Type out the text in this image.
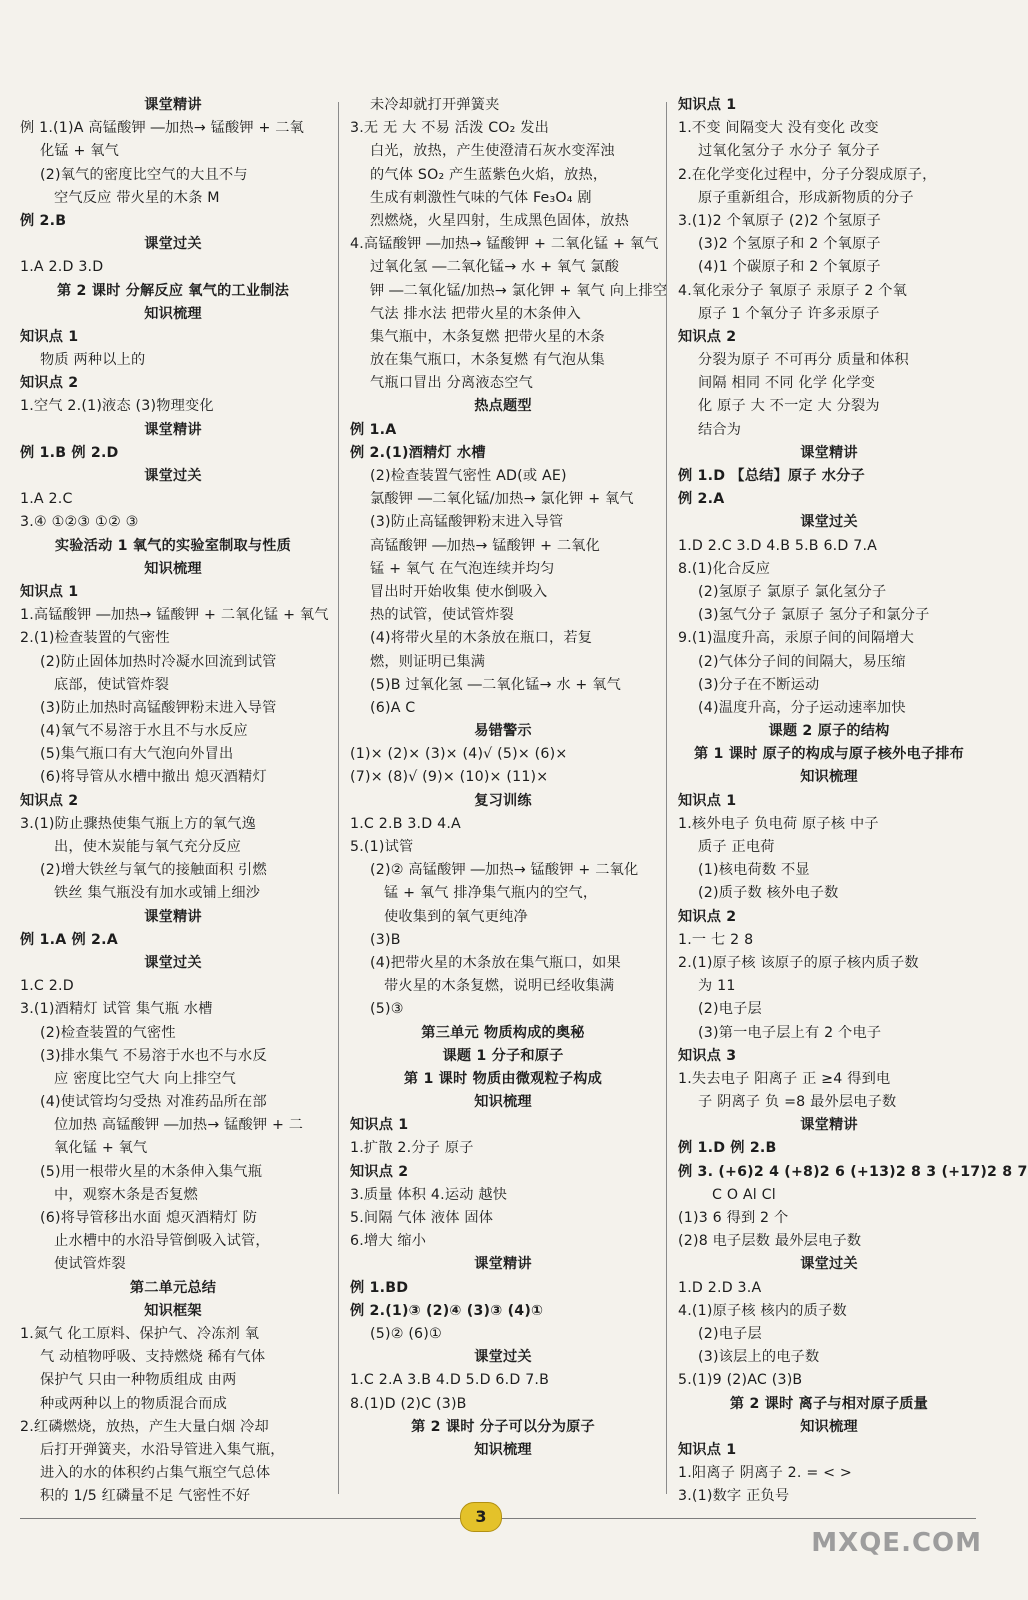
课堂精讲
例 1.(1)A 高锰酸钾 ―加热→ 锰酸钾 + 二氧
化锰 + 氧气
(2)氧气的密度比空气的大且不与
空气反应 带火星的木条 M
例 2.B
课堂过关
1.A 2.D 3.D
第 2 课时 分解反应 氧气的工业制法
知识梳理
知识点 1
物质 两种以上的
知识点 2
1.空气 2.(1)液态 (3)物理变化
课堂精讲
例 1.B 例 2.D
课堂过关
1.A 2.C
3.④ ①②③ ①② ③
实验活动 1 氧气的实验室制取与性质
知识梳理
知识点 1
1.高锰酸钾 ―加热→ 锰酸钾 + 二氧化锰 + 氧气
2.(1)检查装置的气密性
(2)防止固体加热时冷凝水回流到试管
底部，使试管炸裂
(3)防止加热时高锰酸钾粉末进入导管
(4)氧气不易溶于水且不与水反应
(5)集气瓶口有大气泡向外冒出
(6)将导管从水槽中撤出 熄灭酒精灯
知识点 2
3.(1)防止骤热使集气瓶上方的氧气逸
出，使木炭能与氧气充分反应
(2)增大铁丝与氧气的接触面积 引燃
铁丝 集气瓶没有加水或铺上细沙
课堂精讲
例 1.A 例 2.A
课堂过关
1.C 2.D
3.(1)酒精灯 试管 集气瓶 水槽
(2)检查装置的气密性
(3)排水集气 不易溶于水也不与水反
应 密度比空气大 向上排空气
(4)使试管均匀受热 对准药品所在部
位加热 高锰酸钾 ―加热→ 锰酸钾 + 二
氧化锰 + 氧气
(5)用一根带火星的木条伸入集气瓶
中，观察木条是否复燃
(6)将导管移出水面 熄灭酒精灯 防
止水槽中的水沿导管倒吸入试管，
使试管炸裂
第二单元总结
知识框架
1.氮气 化工原料、保护气、冷冻剂 氧
气 动植物呼吸、支持燃烧 稀有气体
保护气 只由一种物质组成 由两
种或两种以上的物质混合而成
2.红磷燃烧，放热，产生大量白烟 冷却
后打开弹簧夹，水沿导管进入集气瓶，
进入的水的体积约占集气瓶空气总体
积的 1/5 红磷量不足 气密性不好
未冷却就打开弹簧夹
3.无 无 大 不易 活泼 CO₂ 发出
白光，放热，产生使澄清石灰水变浑浊
的气体 SO₂ 产生蓝紫色火焰，放热，
生成有刺激性气味的气体 Fe₃O₄ 剧
烈燃烧，火星四射，生成黑色固体，放热
4.高锰酸钾 ―加热→ 锰酸钾 + 二氧化锰 + 氧气
过氧化氢 ―二氧化锰→ 水 + 氧气 氯酸
钾 ―二氧化锰/加热→ 氯化钾 + 氧气 向上排空
气法 排水法 把带火星的木条伸入
集气瓶中，木条复燃 把带火星的木条
放在集气瓶口，木条复燃 有气泡从集
气瓶口冒出 分离液态空气
热点题型
例 1.A
例 2.(1)酒精灯 水槽
(2)检查装置气密性 AD(或 AE)
氯酸钾 ―二氧化锰/加热→ 氯化钾 + 氧气
(3)防止高锰酸钾粉末进入导管
高锰酸钾 ―加热→ 锰酸钾 + 二氧化
锰 + 氧气 在气泡连续并均匀
冒出时开始收集 使水倒吸入
热的试管，使试管炸裂
(4)将带火星的木条放在瓶口，若复
燃，则证明已集满
(5)B 过氧化氢 ―二氧化锰→ 水 + 氧气
(6)A C
易错警示
(1)× (2)× (3)× (4)√ (5)× (6)×
(7)× (8)√ (9)× (10)× (11)×
复习训练
1.C 2.B 3.D 4.A
5.(1)试管
(2)② 高锰酸钾 ―加热→ 锰酸钾 + 二氧化
锰 + 氧气 排净集气瓶内的空气，
使收集到的氧气更纯净
(3)B
(4)把带火星的木条放在集气瓶口，如果
带火星的木条复燃，说明已经收集满
(5)③
第三单元 物质构成的奥秘
课题 1 分子和原子
第 1 课时 物质由微观粒子构成
知识梳理
知识点 1
1.扩散 2.分子 原子
知识点 2
3.质量 体积 4.运动 越快
5.间隔 气体 液体 固体
6.增大 缩小
课堂精讲
例 1.BD
例 2.(1)③ (2)④ (3)③ (4)①
(5)② (6)①
课堂过关
1.C 2.A 3.B 4.D 5.D 6.D 7.B
8.(1)D (2)C (3)B
第 2 课时 分子可以分为原子
知识梳理
知识点 1
1.不变 间隔变大 没有变化 改变
过氧化氢分子 水分子 氧分子
2.在化学变化过程中，分子分裂成原子，
原子重新组合，形成新物质的分子
3.(1)2 个氧原子 (2)2 个氢原子
(3)2 个氢原子和 2 个氧原子
(4)1 个碳原子和 2 个氧原子
4.氧化汞分子 氧原子 汞原子 2 个氧
原子 1 个氧分子 许多汞原子
知识点 2
分裂为原子 不可再分 质量和体积
间隔 相同 不同 化学 化学变
化 原子 大 不一定 大 分裂为
结合为
课堂精讲
例 1.D 【总结】原子 水分子
例 2.A
课堂过关
1.D 2.C 3.D 4.B 5.B 6.D 7.A
8.(1)化合反应
(2)氢原子 氯原子 氯化氢分子
(3)氢气分子 氯原子 氢分子和氯分子
9.(1)温度升高，汞原子间的间隔增大
(2)气体分子间的间隔大，易压缩
(3)分子在不断运动
(4)温度升高，分子运动速率加快
课题 2 原子的结构
第 1 课时 原子的构成与原子核外电子排布
知识梳理
知识点 1
1.核外电子 负电荷 原子核 中子
质子 正电荷
(1)核电荷数 不显
(2)质子数 核外电子数
知识点 2
1.一 七 2 8
2.(1)原子核 该原子的原子核内质子数
为 11
(2)电子层
(3)第一电子层上有 2 个电子
知识点 3
1.失去电子 阳离子 正 ≥4 得到电
子 阴离子 负 =8 最外层电子数
课堂精讲
例 1.D 例 2.B
例 3. (+6)2 4 (+8)2 6 (+13)2 8 3 (+17)2 8 7
C O Al Cl
(1)3 6 得到 2 个
(2)8 电子层数 最外层电子数
课堂过关
1.D 2.D 3.A
4.(1)原子核 核内的质子数
(2)电子层
(3)该层上的电子数
5.(1)9 (2)AC (3)B
第 2 课时 离子与相对原子质量
知识梳理
知识点 1
1.阳离子 阴离子 2. = < >
3.(1)数字 正负号
3
MXQE.COM
